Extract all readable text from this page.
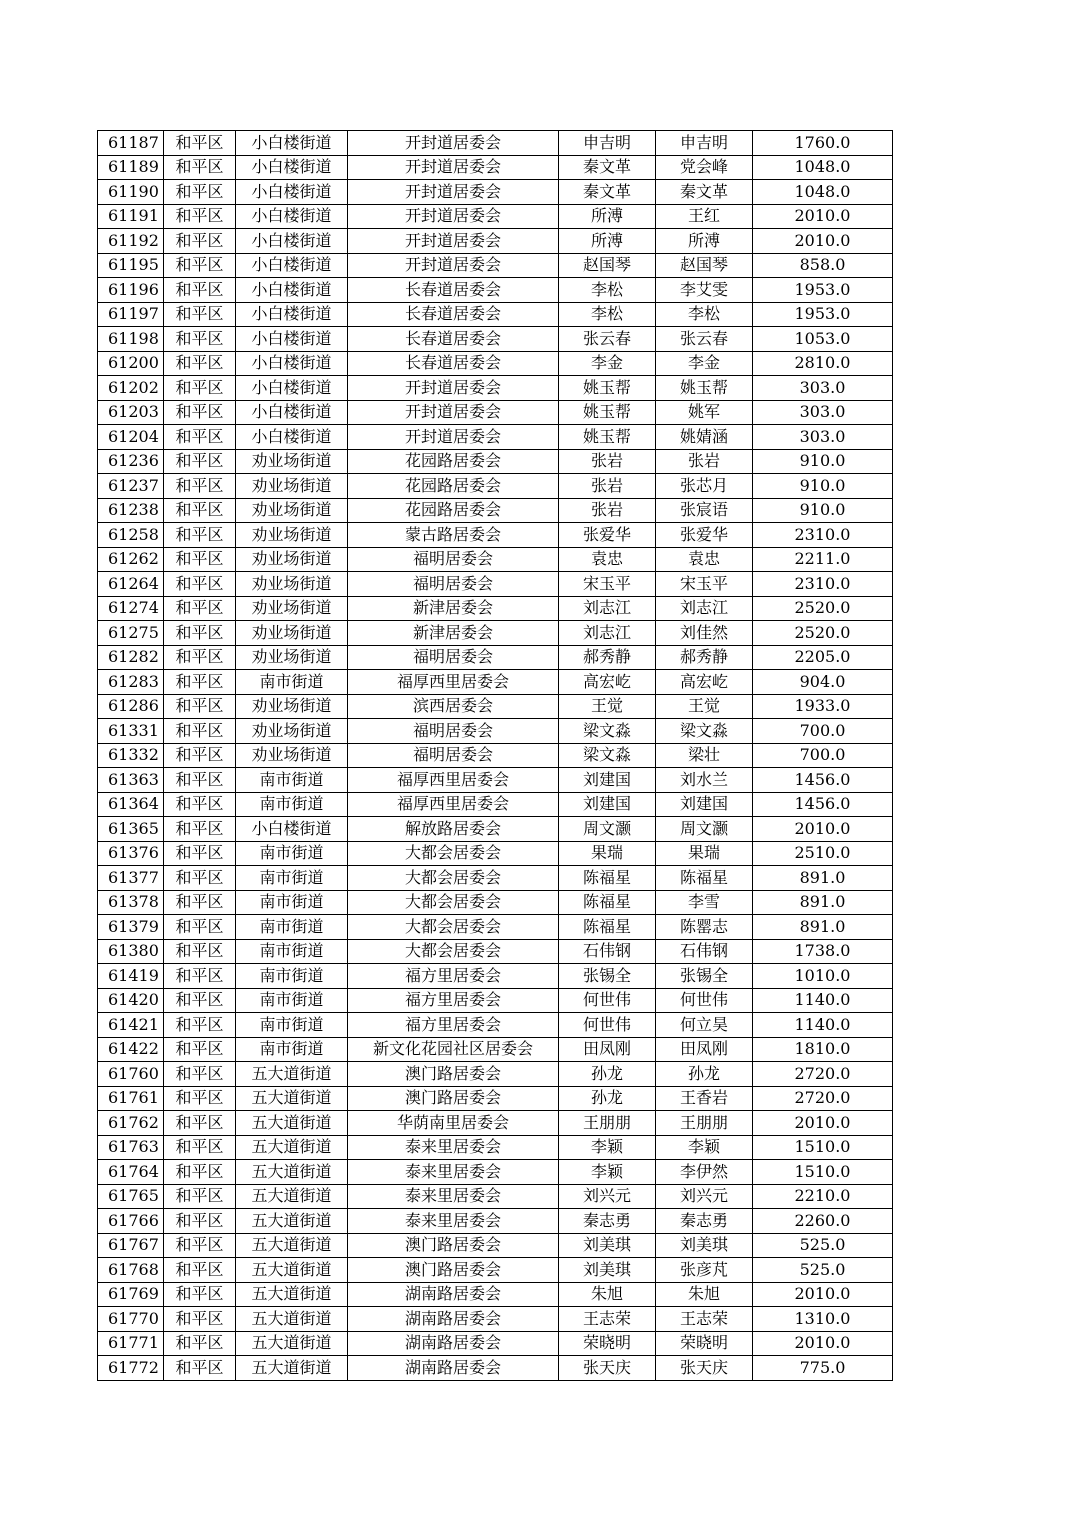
61187	和平区	小白楼街道	开封道居委会	申吉明	申吉明	1760.0
61189	和平区	小白楼街道	开封道居委会	秦文革	党会峰	1048.0
61190	和平区	小白楼街道	开封道居委会	秦文革	秦文革	1048.0
61191	和平区	小白楼街道	开封道居委会	所溥	王红	2010.0
61192	和平区	小白楼街道	开封道居委会	所溥	所溥	2010.0
61195	和平区	小白楼街道	开封道居委会	赵国琴	赵国琴	858.0
61196	和平区	小白楼街道	长春道居委会	李松	李艾雯	1953.0
61197	和平区	小白楼街道	长春道居委会	李松	李松	1953.0
61198	和平区	小白楼街道	长春道居委会	张云春	张云春	1053.0
61200	和平区	小白楼街道	长春道居委会	李金	李金	2810.0
61202	和平区	小白楼街道	开封道居委会	姚玉帮	姚玉帮	303.0
61203	和平区	小白楼街道	开封道居委会	姚玉帮	姚军	303.0
61204	和平区	小白楼街道	开封道居委会	姚玉帮	姚婧涵	303.0
61236	和平区	劝业场街道	花园路居委会	张岩	张岩	910.0
61237	和平区	劝业场街道	花园路居委会	张岩	张芯月	910.0
61238	和平区	劝业场街道	花园路居委会	张岩	张宸语	910.0
61258	和平区	劝业场街道	蒙古路居委会	张爱华	张爱华	2310.0
61262	和平区	劝业场街道	福明居委会	袁忠	袁忠	2211.0
61264	和平区	劝业场街道	福明居委会	宋玉平	宋玉平	2310.0
61274	和平区	劝业场街道	新津居委会	刘志江	刘志江	2520.0
61275	和平区	劝业场街道	新津居委会	刘志江	刘佳然	2520.0
61282	和平区	劝业场街道	福明居委会	郝秀静	郝秀静	2205.0
61283	和平区	南市街道	福厚西里居委会	高宏屹	高宏屹	904.0
61286	和平区	劝业场街道	滨西居委会	王觉	王觉	1933.0
61331	和平区	劝业场街道	福明居委会	梁文淼	梁文淼	700.0
61332	和平区	劝业场街道	福明居委会	梁文淼	梁壮	700.0
61363	和平区	南市街道	福厚西里居委会	刘建国	刘水兰	1456.0
61364	和平区	南市街道	福厚西里居委会	刘建国	刘建国	1456.0
61365	和平区	小白楼街道	解放路居委会	周文灏	周文灏	2010.0
61376	和平区	南市街道	大都会居委会	果瑞	果瑞	2510.0
61377	和平区	南市街道	大都会居委会	陈福星	陈福星	891.0
61378	和平区	南市街道	大都会居委会	陈福星	李雪	891.0
61379	和平区	南市街道	大都会居委会	陈福星	陈罂志	891.0
61380	和平区	南市街道	大都会居委会	石伟钢	石伟钢	1738.0
61419	和平区	南市街道	福方里居委会	张锡全	张锡全	1010.0
61420	和平区	南市街道	福方里居委会	何世伟	何世伟	1140.0
61421	和平区	南市街道	福方里居委会	何世伟	何立昊	1140.0
61422	和平区	南市街道	新文化花园社区居委会	田凤刚	田凤刚	1810.0
61760	和平区	五大道街道	澳门路居委会	孙龙	孙龙	2720.0
61761	和平区	五大道街道	澳门路居委会	孙龙	王香岩	2720.0
61762	和平区	五大道街道	华荫南里居委会	王朋朋	王朋朋	2010.0
61763	和平区	五大道街道	泰来里居委会	李颖	李颖	1510.0
61764	和平区	五大道街道	泰来里居委会	李颖	李伊然	1510.0
61765	和平区	五大道街道	泰来里居委会	刘兴元	刘兴元	2210.0
61766	和平区	五大道街道	泰来里居委会	秦志勇	秦志勇	2260.0
61767	和平区	五大道街道	澳门路居委会	刘美琪	刘美琪	525.0
61768	和平区	五大道街道	澳门路居委会	刘美琪	张彦芃	525.0
61769	和平区	五大道街道	湖南路居委会	朱旭	朱旭	2010.0
61770	和平区	五大道街道	湖南路居委会	王志荣	王志荣	1310.0
61771	和平区	五大道街道	湖南路居委会	荣晓明	荣晓明	2010.0
61772	和平区	五大道街道	湖南路居委会	张天庆	张天庆	775.0
